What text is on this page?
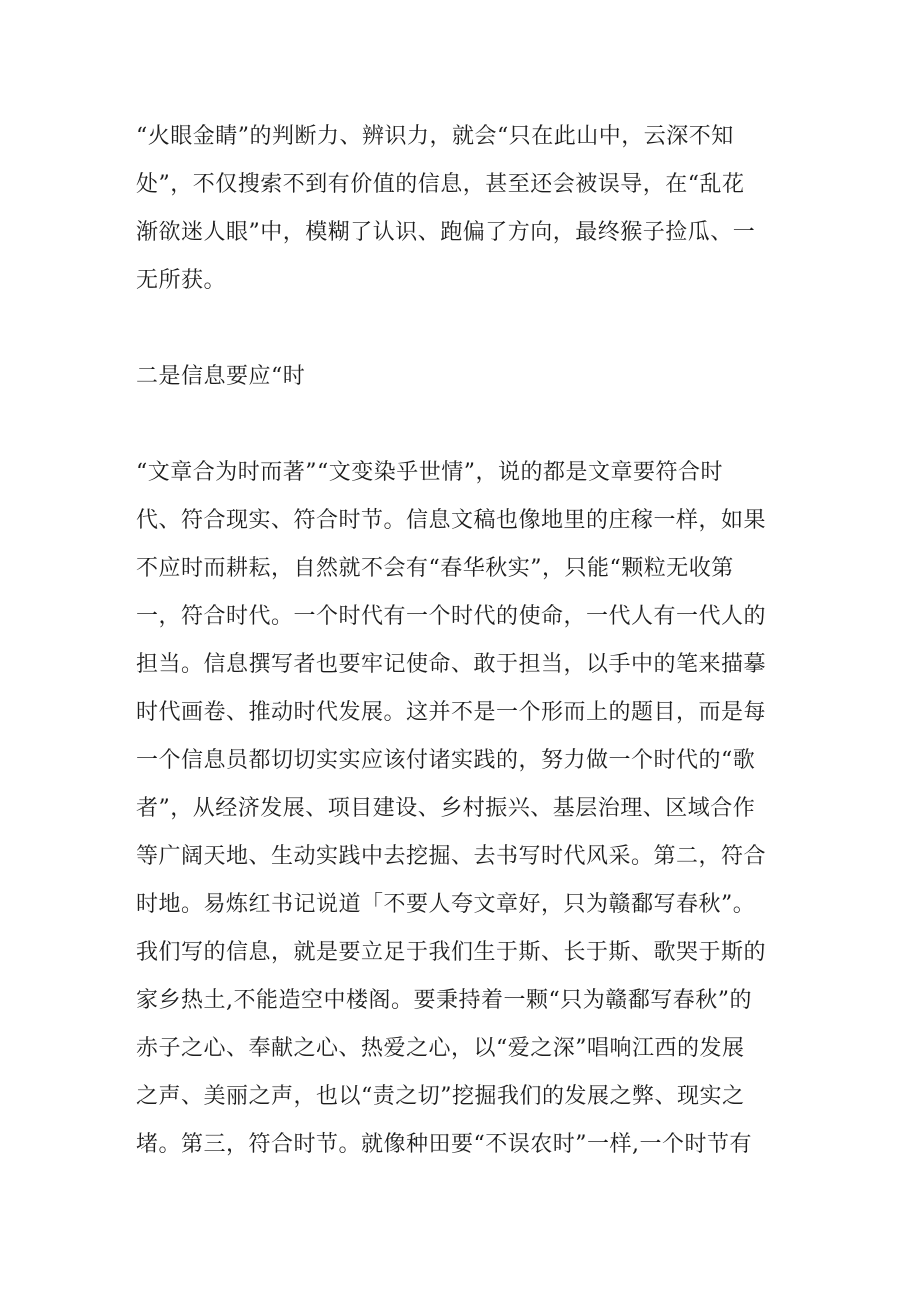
“火眼金睛”的判断力、辨识力，就会“只在此山中，云深不知

处”，不仅搜索不到有价值的信息，甚至还会被误导，在“乱花

渐欲迷人眼”中，模糊了认识、跑偏了方向，最终猴子捡瓜、一

无所获。

二是信息要应“时

“文章合为时而著”“文变染乎世情”，说的都是文章要符合时

代、符合现实、符合时节。信息文稿也像地里的庄稼一样，如果

不应时而耕耘，自然就不会有“春华秋实”，只能“颗粒无收第

一，符合时代。一个时代有一个时代的使命，一代人有一代人的

担当。信息撰写者也要牢记使命、敢于担当，以手中的笔来描摹

时代画卷、推动时代发展。这并不是一个形而上的题目，而是每

一个信息员都切切实实应该付诸实践的，努力做一个时代的“歌

者”，从经济发展、项目建设、乡村振兴、基层治理、区域合作

等广阔天地、生动实践中去挖掘、去书写时代风采。第二，符合

时地。易炼红书记说道「不要人夸文章好，只为赣鄱写春秋”。

我们写的信息，就是要立足于我们生于斯、长于斯、歌哭于斯的

家乡热土,不能造空中楼阁。要秉持着一颗“只为赣鄱写春秋”的

赤子之心、奉献之心、热爱之心，以“爱之深”唱响江西的发展

之声、美丽之声，也以“责之切”挖掘我们的发展之弊、现实之

堵。第三，符合时节。就像种田要“不误农时”一样,一个时节有
